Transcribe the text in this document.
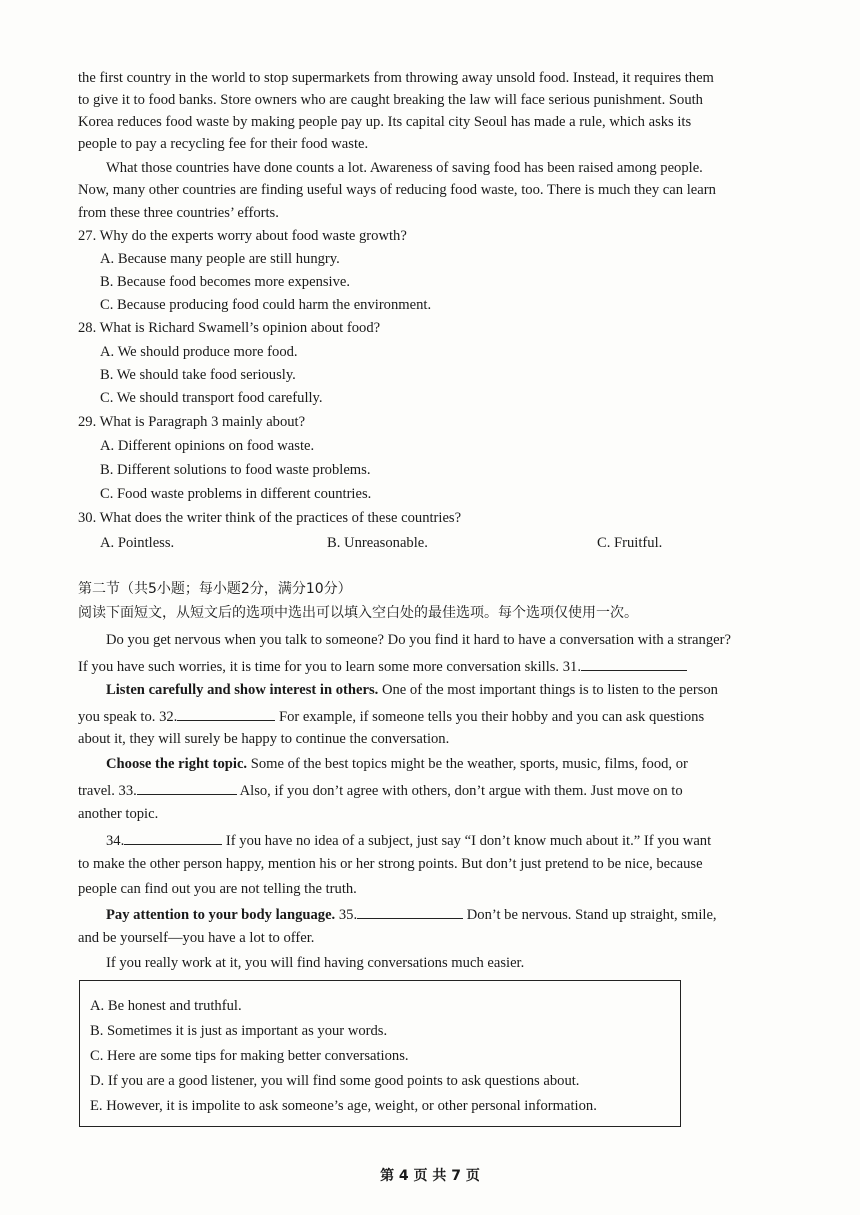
the first country in the world to stop supermarkets from throwing away unsold food. Instead, it requires them
to give it to food banks. Store owners who are caught breaking the law will face serious punishment. South
Korea reduces food waste by making people pay up. Its capital city Seoul has made a rule, which asks its
people to pay a recycling fee for their food waste.
What those countries have done counts a lot. Awareness of saving food has been raised among people.
Now, many other countries are finding useful ways of reducing food waste, too. There is much they can learn
from these three countries’ efforts.
27. Why do the experts worry about food waste growth?
A. Because many people are still hungry.
B. Because food becomes more expensive.
C. Because producing food could harm the environment.
28. What is Richard Swamell’s opinion about food?
A. We should produce more food.
B. We should take food seriously.
C. We should transport food carefully.
29. What is Paragraph 3 mainly about?
A. Different opinions on food waste.
B. Different solutions to food waste problems.
C. Food waste problems in different countries.
30. What does the writer think of the practices of these countries?
A. Pointless.	B. Unreasonable.	C. Fruitful.
第二节（共5小题；每小题2分，满分10分）
阅读下面短文，从短文后的选项中选出可以填入空白处的最佳选项。每个选项仅使用一次。
Do you get nervous when you talk to someone? Do you find it hard to have a conversation with a stranger?
If you have such worries, it is time for you to learn some more conversation skills. 31.
Listen carefully and show interest in others. One of the most important things is to listen to the person
you speak to. 32.	For example, if someone tells you their hobby and you can ask questions
about it, they will surely be happy to continue the conversation.
Choose the right topic. Some of the best topics might be the weather, sports, music, films, food, or
travel. 33.	Also, if you don’t agree with others, don’t argue with them. Just move on to
another topic.
34.	If you have no idea of a subject, just say “I don’t know much about it.” If you want
to make the other person happy, mention his or her strong points. But don’t just pretend to be nice, because
people can find out you are not telling the truth.
Pay attention to your body language. 35.	Don’t be nervous. Stand up straight, smile,
and be yourself—you have a lot to offer.
If you really work at it, you will find having conversations much easier.
A. Be honest and truthful.
B. Sometimes it is just as important as your words.
C. Here are some tips for making better conversations.
D. If you are a good listener, you will find some good points to ask questions about.
E. However, it is impolite to ask someone’s age, weight, or other personal information.
第 4 页 共 7 页
